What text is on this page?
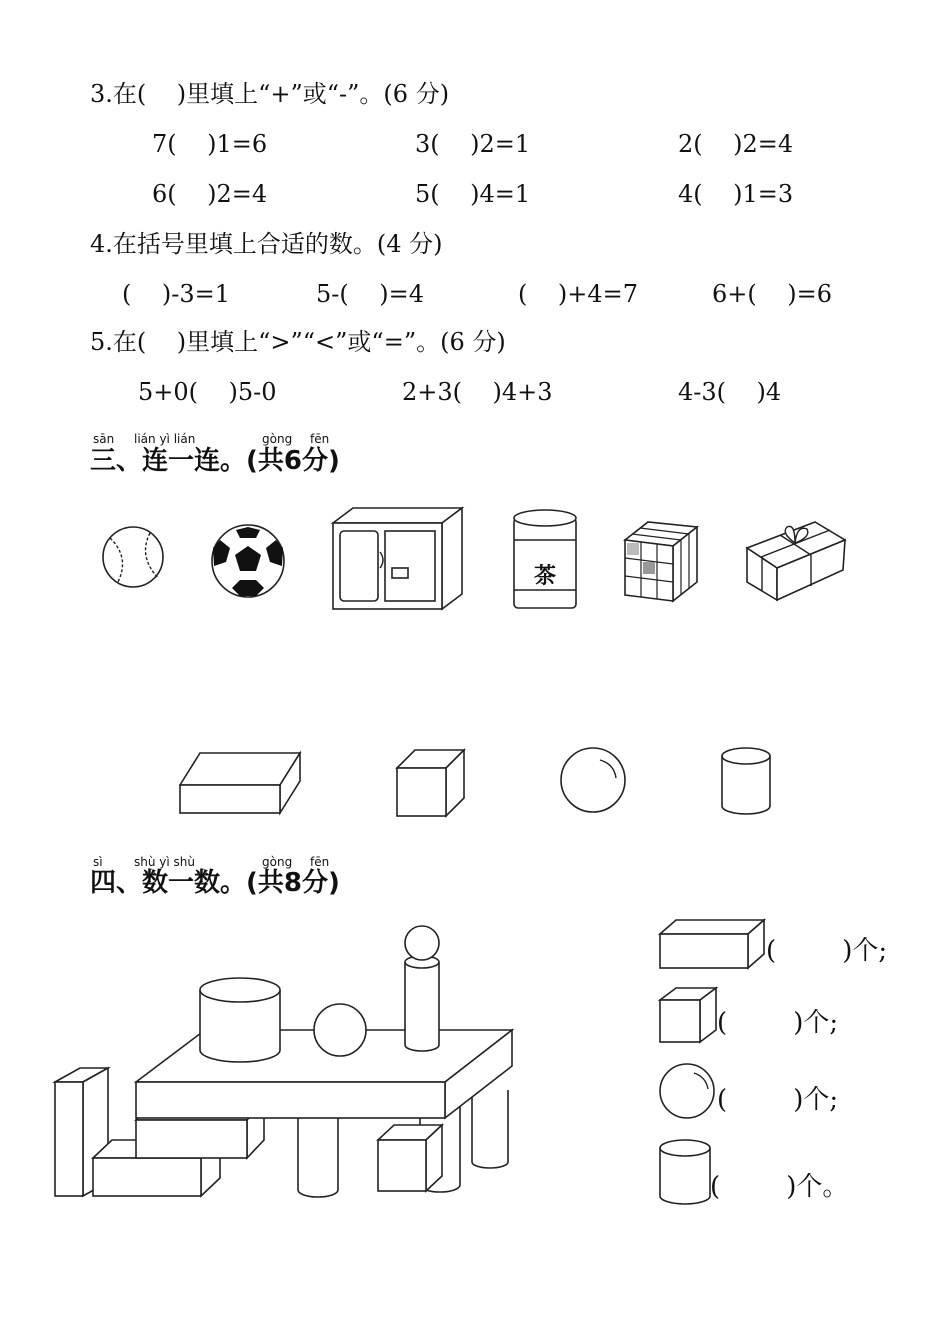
3.在(    )里填上“+”或“-”。(6 分)
7(    )1=6	3(    )2=1	2(    )2=4
6(    )2=4	5(    )4=1	4(    )1=3
4.在括号里填上合适的数。(4 分)
(    )-3=1	5-(    )=4	(    )+4=7	6+(    )=6
5.在(    )里填上“>”“<”或“=”。(6 分)
5+0(    )5-0	2+3(    )4+3	4-3(    )4
sān lián yì lián	gòng fēn
三、连一连。(共6分)
茶
sì	shù yì shù	gòng fēn
四、数一数。(共8分)
(        )个;
(        )个;
(        )个;
(        )个。
